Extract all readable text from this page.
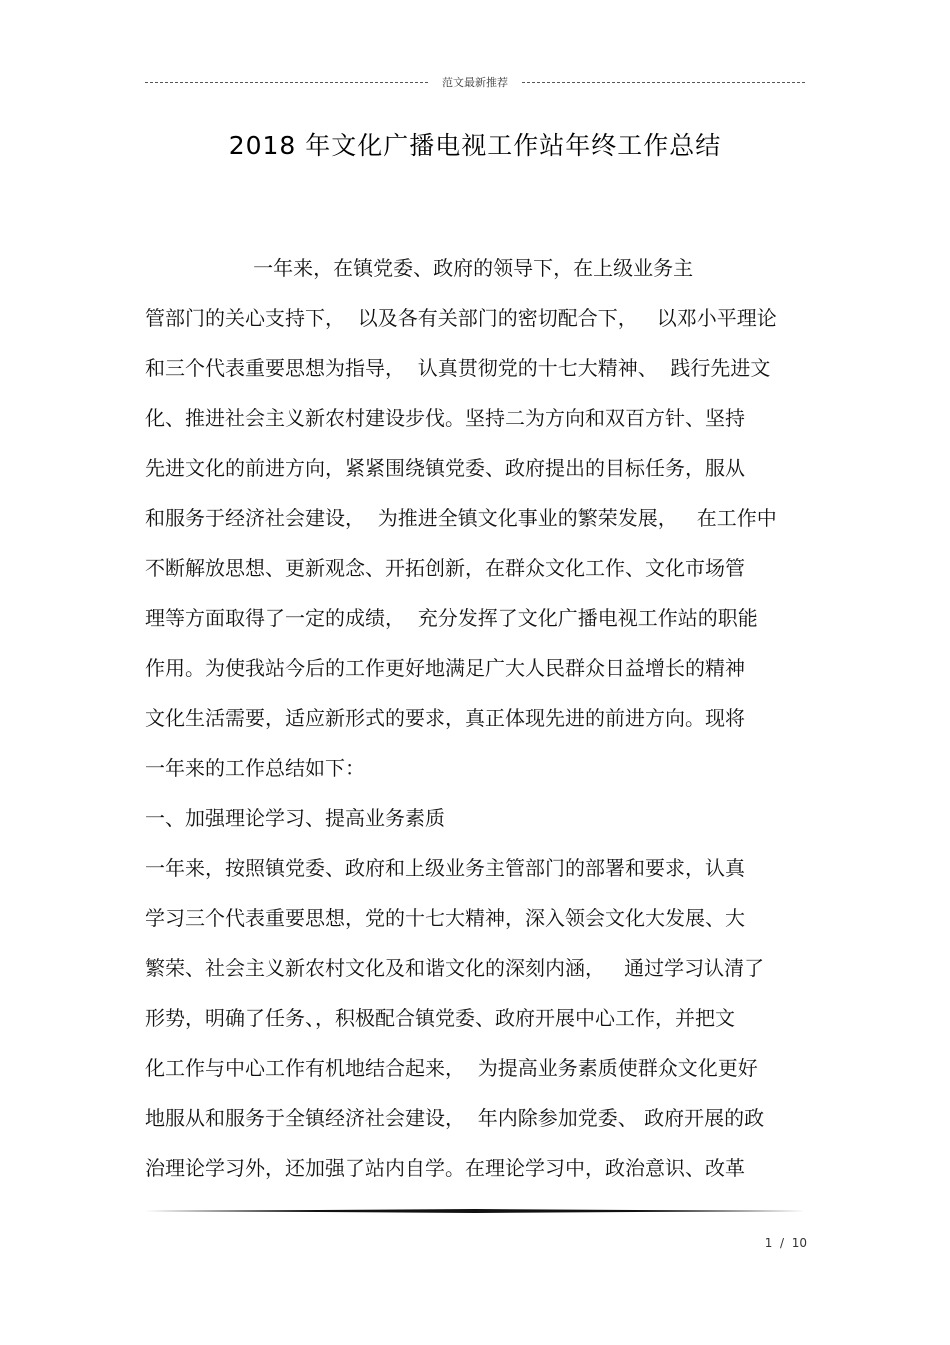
范文最新推荐
2018 年文化广播电视工作站年终工作总结
一年来，在镇党委、政府的领导下，在上级业务主
管部门的关心支持下，  以及各有关部门的密切配合下，   以邓小平理论
和三个代表重要思想为指导，  认真贯彻党的十七大精神、  践行先进文
化、推进社会主义新农村建设步伐。坚持二为方向和双百方针、坚持
先进文化的前进方向，紧紧围绕镇党委、政府提出的目标任务，服从
和服务于经济社会建设，  为推进全镇文化事业的繁荣发展，   在工作中
不断解放思想、更新观念、开拓创新，在群众文化工作、文化市场管
理等方面取得了一定的成绩，  充分发挥了文化广播电视工作站的职能
作用。为使我站今后的工作更好地满足广大人民群众日益增长的精神
文化生活需要，适应新形式的要求，真正体现先进的前进方向。现将
一年来的工作总结如下：
一、加强理论学习、提高业务素质
一年来，按照镇党委、政府和上级业务主管部门的部署和要求，认真
学习三个代表重要思想，党的十七大精神，深入领会文化大发展、大
繁荣、社会主义新农村文化及和谐文化的深刻内涵，   通过学习认清了
形势，明确了任务、，积极配合镇党委、政府开展中心工作，并把文
化工作与中心工作有机地结合起来，  为提高业务素质使群众文化更好
地服从和服务于全镇经济社会建设，  年内除参加党委、 政府开展的政
治理论学习外，还加强了站内自学。在理论学习中，政治意识、改革
1  /  10
